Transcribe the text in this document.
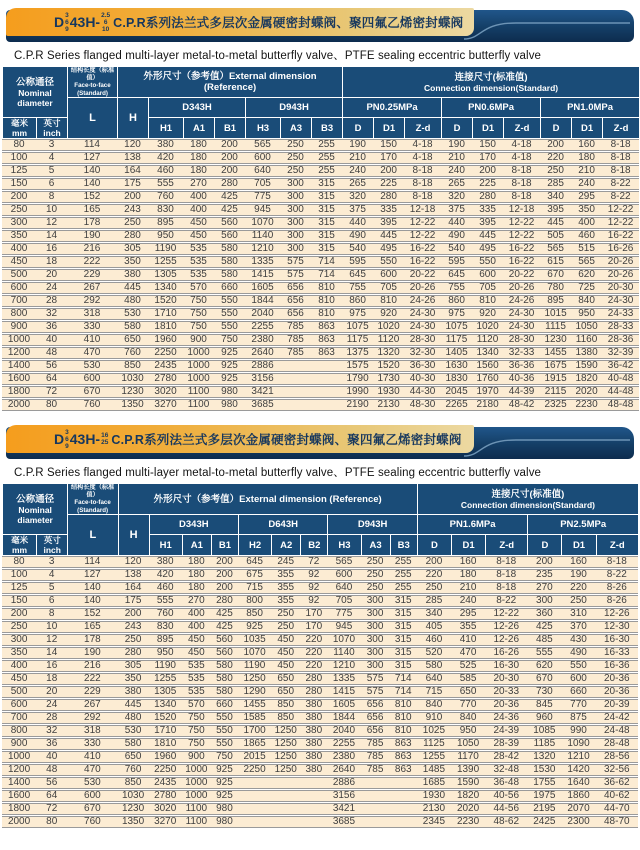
D 3
6
9 43H- 2.5
6
10 C.P.R系列法兰式多层次金属硬密封蝶阀、聚四氟乙烯密封蝶阀
C.P.R Series flanged multi-layer metal-to-metal butterfly valve、PTFE sealing eccentric butterfly valve
公称通径
Nominal diameter

结构长度（标准值）
Face-to-face
(Standard)

外形尺寸（参考值）External dimension (Reference)

连接尺寸(标准值)
Connection dimension(Standard)

		L	H	D343H			D943H			PN0.25MPa			PN0.6MPa			PN1.0MPa		

毫米mm	英寸inch			H1	A1	B1	H3	A3	B3	D	D1	Z-d	D	D1	Z-d	D	D1	Z-d

80	3	114	120	380	180	200	565	250	255	190	150	4-18	190	150	4-18	200	160	8-18
100	4	127	138	420	180	200	600	250	255	210	170	4-18	210	170	4-18	220	180	8-18
125	5	140	164	460	180	200	640	250	255	240	200	8-18	240	200	8-18	250	210	8-18
150	6	140	175	555	270	280	705	300	315	265	225	8-18	265	225	8-18	285	240	8-22
200	8	152	200	760	400	425	775	300	315	320	280	8-18	320	280	8-18	340	295	8-22
250	10	165	243	830	400	425	945	300	315	375	335	12-18	375	335	12-18	395	350	12-22
300	12	178	250	895	450	560	1070	300	315	440	395	12-22	440	395	12-22	445	400	12-22
350	14	190	280	950	450	560	1140	300	315	490	445	12-22	490	445	12-22	505	460	16-22
400	16	216	305	1190	535	580	1210	300	315	540	495	16-22	540	495	16-22	565	515	16-26
450	18	222	350	1255	535	580	1335	575	714	595	550	16-22	595	550	16-22	615	565	20-26
500	20	229	380	1305	535	580	1415	575	714	645	600	20-22	645	600	20-22	670	620	20-26
600	24	267	445	1340	570	660	1605	656	810	755	705	20-26	755	705	20-26	780	725	20-30
700	28	292	480	1520	750	550	1844	656	810	860	810	24-26	860	810	24-26	895	840	24-30
800	32	318	530	1710	750	550	2040	656	810	975	920	24-30	975	920	24-30	1015	950	24-33
900	36	330	580	1810	750	550	2255	785	863	1075	1020	24-30	1075	1020	24-30	1115	1050	28-33
1000	40	410	650	1960	900	750	2380	785	863	1175	1120	28-30	1175	1120	28-30	1230	1160	28-36
1200	48	470	760	2250	1000	925	2640	785	863	1375	1320	32-30	1405	1340	32-33	1455	1380	32-39
1400	56	530	850	2435	1000	925	2886			1575	1520	36-30	1630	1560	36-36	1675	1590	36-42
1600	64	600	1030	2780	1000	925	3156			1790	1730	40-30	1830	1760	40-36	1915	1820	40-48
1800	72	670	1230	3020	1100	980	3421			1990	1930	44-30	2045	1970	44-39	2115	2020	44-48
2000	80	760	1350	3270	1100	980	3685			2190	2130	48-30	2265	2180	48-42	2325	2230	48-48
D 3
6
9 43H- 16
25 C.P.R系列法兰式多层次金属硬密封蝶阀、聚四氟乙烯密封蝶阀
C.P.R Series flanged multi-layer metal-to-metal butterfly valve、PTFE sealing eccentric butterfly valve
公称通径
Nominal diameter

结构长度（标准值）
Face-to-face
(Standard)

外形尺寸（参考值）External dimension (Reference)	连接尺寸(标准值)
Connection dimension(Standard)

		L	H	D343H			D643H			D943H			PN1.6MPa			PN2.5MPa		

毫米mm	英寸inch			H1	A1	B1	H2	A2	B2	H3	A3	B3	D	D1	Z-d	D	D1	Z-d

80	3	114	120	380	180	200	645	245	72	565	250	255	200	160	8-18	200	160	8-18
100	4	127	138	420	180	200	675	355	92	600	250	255	220	180	8-18	235	190	8-22
125	5	140	164	460	180	200	715	355	92	640	250	255	250	210	8-18	270	220	8-26
150	6	140	175	555	270	280	800	355	92	705	300	315	285	240	8-22	300	250	8-26
200	8	152	200	760	400	425	850	250	170	775	300	315	340	295	12-22	360	310	12-26
250	10	165	243	830	400	425	925	250	170	945	300	315	405	355	12-26	425	370	12-30
300	12	178	250	895	450	560	1035	450	220	1070	300	315	460	410	12-26	485	430	16-30
350	14	190	280	950	450	560	1070	450	220	1140	300	315	520	470	16-26	555	490	16-33
400	16	216	305	1190	535	580	1190	450	220	1210	300	315	580	525	16-30	620	550	16-36
450	18	222	350	1255	535	580	1250	650	280	1335	575	714	640	585	20-30	670	600	20-36
500	20	229	380	1305	535	580	1290	650	280	1415	575	714	715	650	20-33	730	660	20-36
600	24	267	445	1340	570	660	1455	850	380	1605	656	810	840	770	20-36	845	770	20-39
700	28	292	480	1520	750	550	1585	850	380	1844	656	810	910	840	24-36	960	875	24-42
800	32	318	530	1710	750	550	1700	1250	380	2040	656	810	1025	950	24-39	1085	990	24-48
900	36	330	580	1810	750	550	1865	1250	380	2255	785	863	1125	1050	28-39	1185	1090	28-48
1000	40	410	650	1960	900	750	2015	1250	380	2380	785	863	1255	1170	28-42	1320	1210	28-56
1200	48	470	760	2250	1000	925	2250	1250	380	2640	785	863	1485	1390	32-48	1530	1420	32-56
1400	56	530	850	2435	1000	925				2886			1685	1590	36-48	1755	1640	36-62
1600	64	600	1030	2780	1000	925				3156			1930	1820	40-56	1975	1860	40-62
1800	72	670	1230	3020	1100	980				3421			2130	2020	44-56	2195	2070	44-70
2000	80	760	1350	3270	1100	980				3685			2345	2230	48-62	2425	2300	48-70
